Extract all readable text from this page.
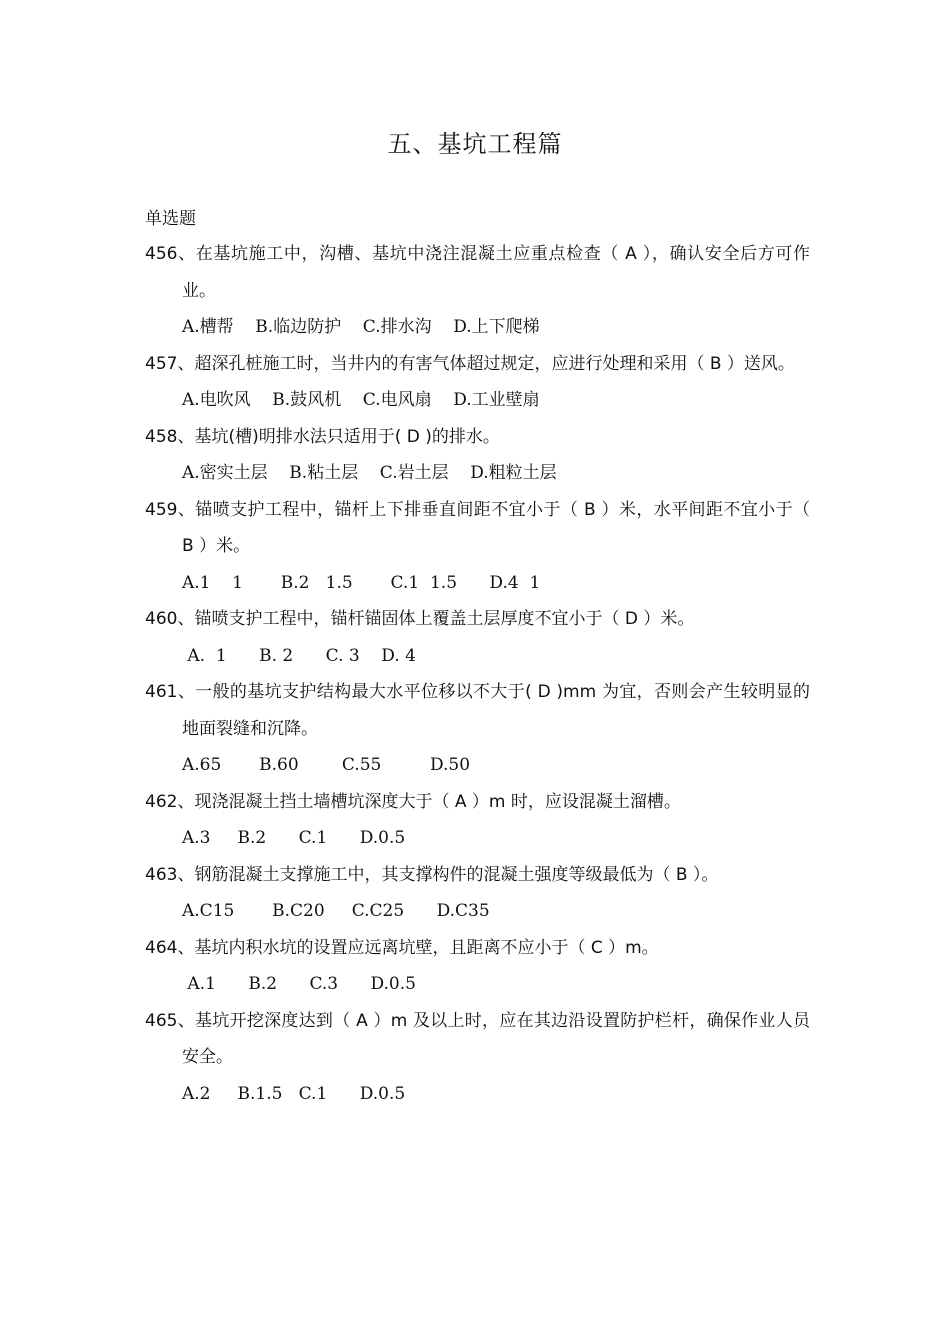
五、基坑工程篇
单选题
456、在基坑施工中，沟槽、基坑中浇注混凝土应重点检查（ A ），确认安全后方可作业。
A.槽帮    B.临边防护    C.排水沟    D.上下爬梯
457、超深孔桩施工时，当井内的有害气体超过规定，应进行处理和采用（ B ）送风。
A.电吹风    B.鼓风机    C.电风扇    D.工业壁扇
458、基坑(槽)明排水法只适用于( D )的排水。
A.密实土层    B.粘土层    C.岩土层    D.粗粒土层
459、锚喷支护工程中，锚杆上下排垂直间距不宜小于（ B ）米，水平间距不宜小于（ B ）米。
A.1    1       B.2   1.5       C.1  1.5      D.4  1
460、锚喷支护工程中，锚杆锚固体上覆盖土层厚度不宜小于（ D ）米。
A.  1      B. 2      C. 3    D. 4
461、一般的基坑支护结构最大水平位移以不大于( D )mm 为宜，否则会产生较明显的地面裂缝和沉降。
A.65       B.60        C.55         D.50
462、现浇混凝土挡土墙槽坑深度大于（ A ）m 时，应设混凝土溜槽。
A.3     B.2      C.1      D.0.5
463、钢筋混凝土支撑施工中，其支撑构件的混凝土强度等级最低为（ B ）。
A.C15       B.C20     C.C25      D.C35
464、基坑内积水坑的设置应远离坑壁，且距离不应小于（ C ）m。
A.1      B.2      C.3      D.0.5
465、基坑开挖深度达到（ A ）m 及以上时，应在其边沿设置防护栏杆，确保作业人员安全。
A.2     B.1.5   C.1      D.0.5
